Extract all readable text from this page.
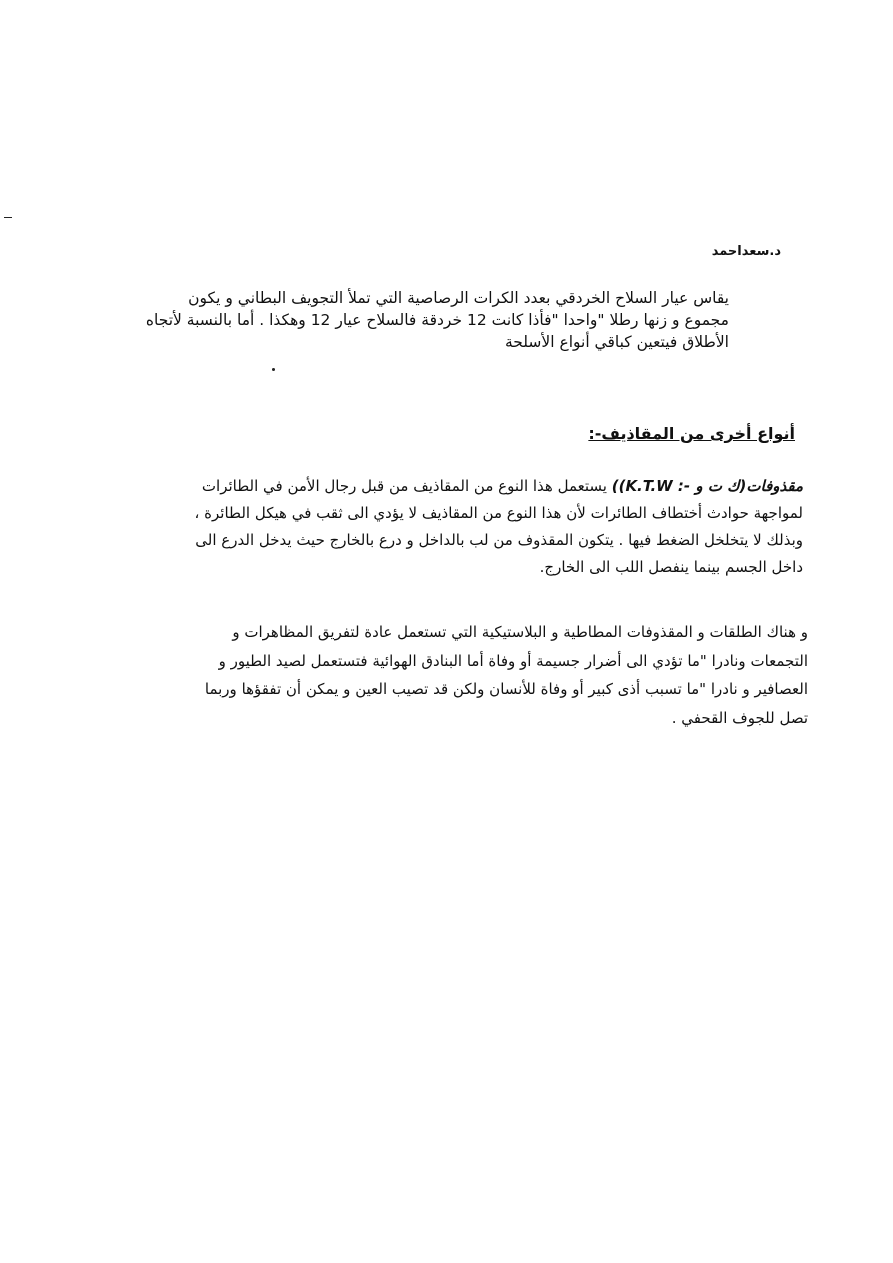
د.سعداحمد
يقاس عيار السلاح الخردقي بعدد الكرات الرصاصية التي تملأ التجويف البطاني و يكون
مجموع و زنها رطلا "واحدا "فأذا كانت 12 خردقة فالسلاح عيار 12 وهكذا . أما بالنسبة لأتجاه
الأطلاق فيتعين كباقي أنواع الأسلحة
أنواع أخرى من المقاذيف-:
مقذوفات(ك ت و -: K.T.W)) يستعمل هذا النوع من المقاذيف من قبل رجال الأمن في الطائرات
لمواجهة حوادث أختطاف الطائرات لأن هذا النوع من المقاذيف لا يؤدي الى ثقب في هيكل الطائرة ،
وبذلك لا يتخلخل الضغط فيها . يتكون المقذوف من لب بالداخل و درع بالخارج حيث يدخل الدرع الى
داخل الجسم بينما ينفصل اللب الى الخارج.
و هناك الطلقات و المقذوفات المطاطية و البلاستيكية التي تستعمل عادة لتفريق المظاهرات و
التجمعات ونادرا "ما تؤدي الى أضرار جسيمة أو وفاة أما البنادق الهوائية فتستعمل لصيد الطيور و
العصافير و نادرا "ما تسبب أذى كبير أو وفاة للأنسان ولكن قد تصيب العين و يمكن أن تفقؤها وربما
تصل للجوف القحفي .
